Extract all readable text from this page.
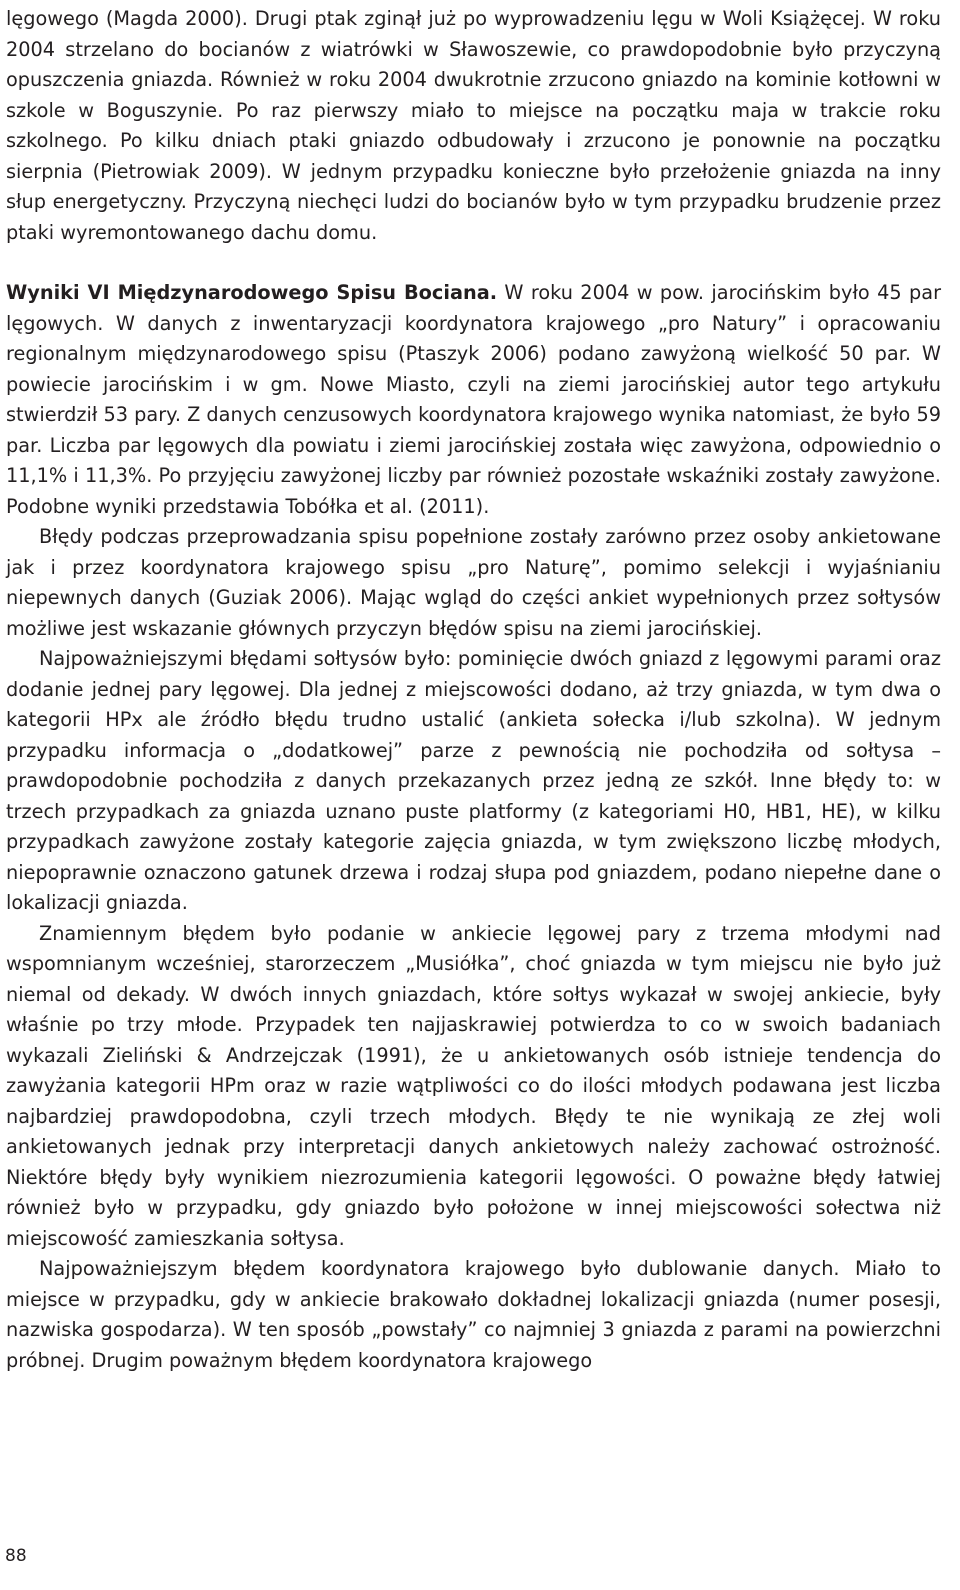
lęgowego (Magda 2000). Drugi ptak zginął już po wyprowadzeniu lęgu w Woli Książęcej. W roku 2004 strzelano do bocianów z wiatrówki w Sławoszewie, co prawdopodobnie było przyczyną opuszczenia gniazda. Również w roku 2004 dwukrotnie zrzucono gniazdo na kominie kotłowni w szkole w Boguszynie. Po raz pierwszy miało to miejsce na początku maja w trakcie roku szkolnego. Po kilku dniach ptaki gniazdo odbudowały i zrzucono je ponownie na początku sierpnia (Pietrowiak 2009). W jednym przypadku konieczne było przełożenie gniazda na inny słup energetyczny. Przyczyną niechęci ludzi do bocianów było w tym przypadku brudzenie przez ptaki wyremontowanego dachu domu.

Wyniki VI Międzynarodowego Spisu Bociana. W roku 2004 w pow. jarocińskim było 45 par lęgowych. W danych z inwentaryzacji koordynatora krajowego „pro Natury” i opracowaniu regionalnym międzynarodowego spisu (Ptaszyk 2006) podano zawyżoną wielkość 50 par. W powiecie jarocińskim i w gm. Nowe Miasto, czyli na ziemi jarocińskiej autor tego artykułu stwierdził 53 pary. Z danych cenzusowych koordynatora krajowego wynika natomiast, że było 59 par. Liczba par lęgowych dla powiatu i ziemi jarocińskiej została więc zawyżona, odpowiednio o 11,1% i 11,3%. Po przyjęciu zawyżonej liczby par również pozostałe wskaźniki zostały zawyżone. Podobne wyniki przedstawia Tobółka et al. (2011).

Błędy podczas przeprowadzania spisu popełnione zostały zarówno przez osoby ankietowane jak i przez koordynatora krajowego spisu „pro Naturę”, pomimo selekcji i wyjaśnianiu niepewnych danych (Guziak 2006). Mając wgląd do części ankiet wypełnionych przez sołtysów możliwe jest wskazanie głównych przyczyn błędów spisu na ziemi jarocińskiej.

Najpoważniejszymi błędami sołtysów było: pominięcie dwóch gniazd z lęgowymi parami oraz dodanie jednej pary lęgowej. Dla jednej z miejscowości dodano, aż trzy gniazda, w tym dwa o kategorii HPx ale źródło błędu trudno ustalić (ankieta sołecka i/lub szkolna). W jednym przypadku informacja o „dodatkowej” parze z pewnością nie pochodziła od sołtysa – prawdopodobnie pochodziła z danych przekazanych przez jedną ze szkół. Inne błędy to: w trzech przypadkach za gniazda uznano puste platformy (z kategoriami H0, HB1, HE), w kilku przypadkach zawyżone zostały kategorie zajęcia gniazda, w tym zwiększono liczbę młodych, niepoprawnie oznaczono gatunek drzewa i rodzaj słupa pod gniazdem, podano niepełne dane o lokalizacji gniazda.

Znamiennym błędem było podanie w ankiecie lęgowej pary z trzema młodymi nad wspomnianym wcześniej, starorzeczem „Musiółka”, choć gniazda w tym miejscu nie było już niemal od dekady. W dwóch innych gniazdach, które sołtys wykazał w swojej ankiecie, były właśnie po trzy młode. Przypadek ten najjaskrawiej potwierdza to co w swoich badaniach wykazali Zieliński & Andrzejczak (1991), że u ankietowanych osób istnieje tendencja do zawyżania kategorii HPm oraz w razie wątpliwości co do ilości młodych podawana jest liczba najbardziej prawdopodobna, czyli trzech młodych. Błędy te nie wynikają ze złej woli ankietowanych jednak przy interpretacji danych ankietowych należy zachować ostrożność. Niektóre błędy były wynikiem niezrozumienia kategorii lęgowości. O poważne błędy łatwiej również było w przypadku, gdy gniazdo było położone w innej miejscowości sołectwa niż miejscowość zamieszkania sołtysa.

Najpoważniejszym błędem koordynatora krajowego było dublowanie danych. Miało to miejsce w przypadku, gdy w ankiecie brakowało dokładnej lokalizacji gniazda (numer posesji, nazwiska gospodarza). W ten sposób „powstały” co najmniej 3 gniazda z parami na powierzchni próbnej. Drugim poważnym błędem koordynatora krajowego

88
